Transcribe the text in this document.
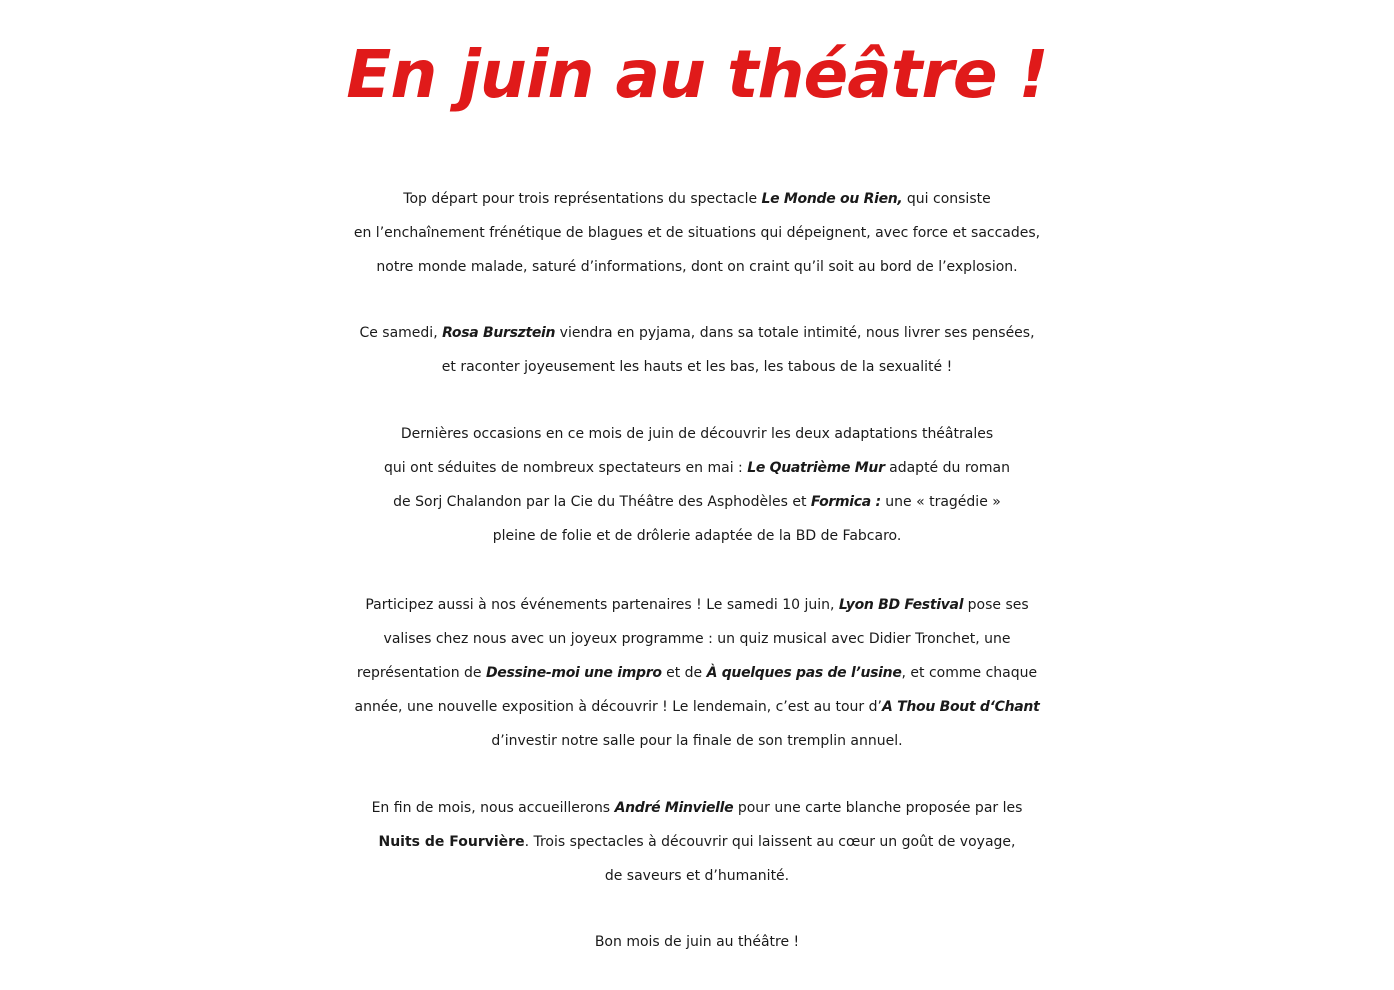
En juin au théâtre !

Top départ pour trois représentations du spectacle Le Monde ou Rien, qui consiste
en l’enchaînement frénétique de blagues et de situations qui dépeignent, avec force et saccades,
notre monde malade, saturé d’informations, dont on craint qu’il soit au bord de l’explosion.

Ce samedi, Rosa Bursztein viendra en pyjama, dans sa totale intimité, nous livrer ses pensées,
et raconter joyeusement les hauts et les bas, les tabous de la sexualité !

Dernières occasions en ce mois de juin de découvrir les deux adaptations théâtrales
qui ont séduites de nombreux spectateurs en mai : Le Quatrième Mur adapté du roman
de Sorj Chalandon par la Cie du Théâtre des Asphodèles et Formica : une « tragédie »
pleine de folie et de drôlerie adaptée de la BD de Fabcaro.

Participez aussi à nos événements partenaires ! Le samedi 10 juin, Lyon BD Festival pose ses
valises chez nous avec un joyeux programme : un quiz musical avec Didier Tronchet, une
représentation de Dessine-moi une impro et de À quelques pas de l’usine, et comme chaque
année, une nouvelle exposition à découvrir ! Le lendemain, c’est au tour d’A Thou Bout d‘Chant
d’investir notre salle pour la finale de son tremplin annuel.

En fin de mois, nous accueillerons André Minvielle pour une carte blanche proposée par les
Nuits de Fourvière. Trois spectacles à découvrir qui laissent au cœur un goût de voyage,
de saveurs et d’humanité.

Bon mois de juin au théâtre !
